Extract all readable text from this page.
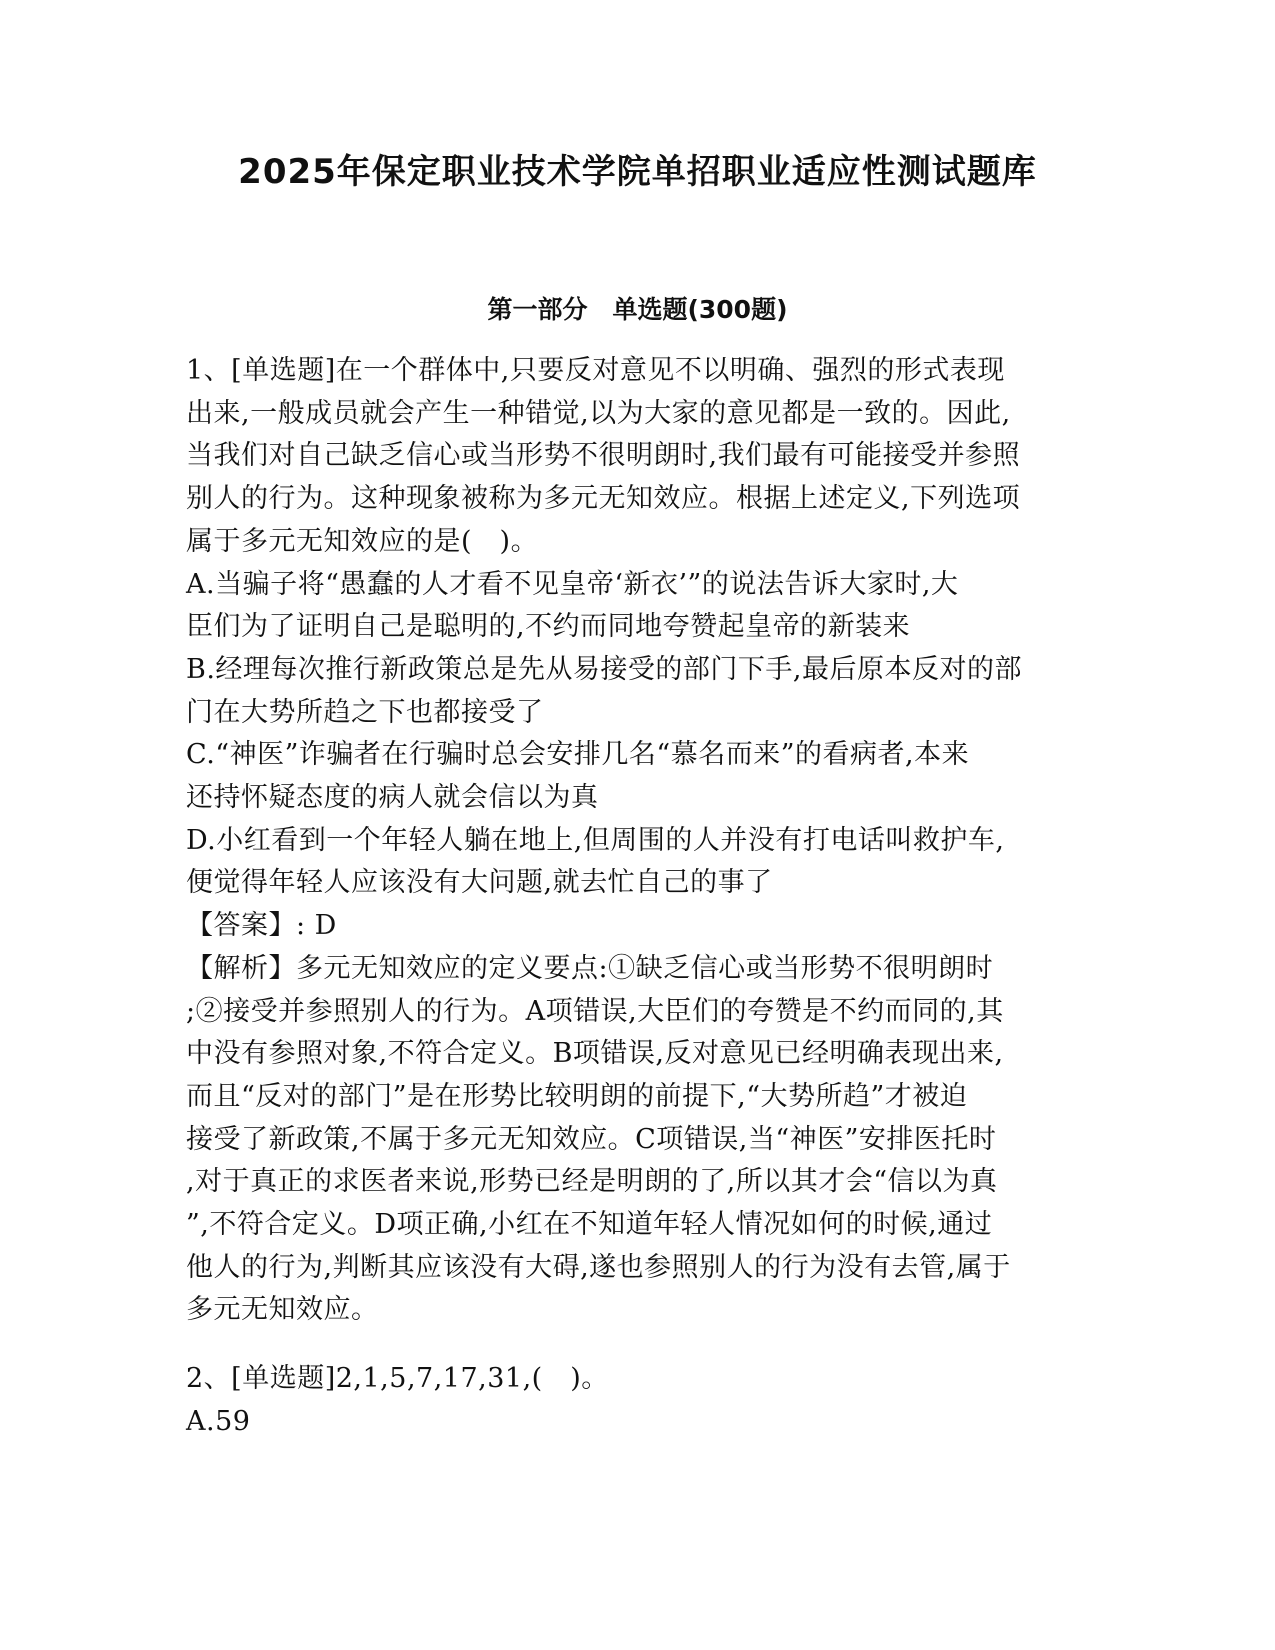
2025年保定职业技术学院单招职业适应性测试题库
第一部分　单选题(300题)

1、[单选题]在一个群体中,只要反对意见不以明确、强烈的形式表现

出来,一般成员就会产生一种错觉,以为大家的意见都是一致的。因此,

当我们对自己缺乏信心或当形势不很明朗时,我们最有可能接受并参照

别人的行为。这种现象被称为多元无知效应。根据上述定义,下列选项

属于多元无知效应的是(　)。

A.当骗子将“愚蠢的人才看不见皇帝‘新衣’”的说法告诉大家时,大

臣们为了证明自己是聪明的,不约而同地夸赞起皇帝的新装来

B.经理每次推行新政策总是先从易接受的部门下手,最后原本反对的部

门在大势所趋之下也都接受了

C.“神医”诈骗者在行骗时总会安排几名“慕名而来”的看病者,本来

还持怀疑态度的病人就会信以为真

D.小红看到一个年轻人躺在地上,但周围的人并没有打电话叫救护车,

便觉得年轻人应该没有大问题,就去忙自己的事了

【答案】: D

【解析】多元无知效应的定义要点:①缺乏信心或当形势不很明朗时

;②接受并参照别人的行为。A项错误,大臣们的夸赞是不约而同的,其

中没有参照对象,不符合定义。B项错误,反对意见已经明确表现出来,

而且“反对的部门”是在形势比较明朗的前提下,“大势所趋”才被迫

接受了新政策,不属于多元无知效应。C项错误,当“神医”安排医托时

,对于真正的求医者来说,形势已经是明朗的了,所以其才会“信以为真

”,不符合定义。D项正确,小红在不知道年轻人情况如何的时候,通过

他人的行为,判断其应该没有大碍,遂也参照别人的行为没有去管,属于

多元无知效应。

2、[单选题]2,1,5,7,17,31,(　)。

A.59
